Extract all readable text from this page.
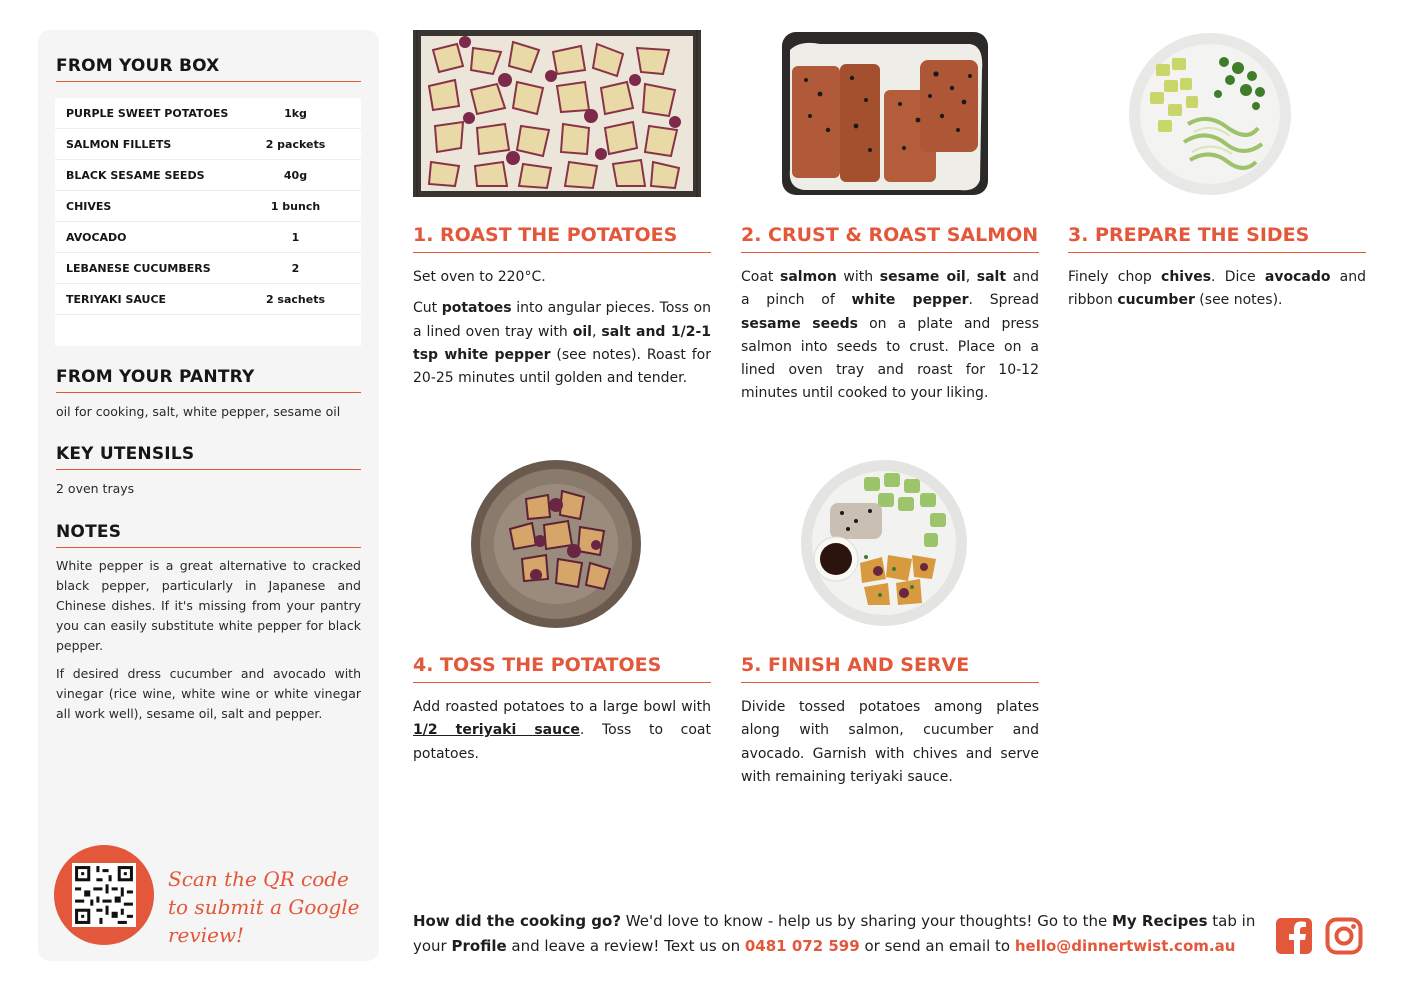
FROM YOUR BOX
PURPLE SWEET POTATOES	1kg
SALMON FILLETS	2 packets
BLACK SESAME SEEDS	40g
CHIVES	1 bunch
AVOCADO	1
LEBANESE CUCUMBERS	2
TERIYAKI SAUCE	2 sachets
FROM YOUR PANTRY
oil for cooking, salt, white pepper, sesame oil
KEY UTENSILS
2 oven trays
NOTES

White pepper is a great alternative to cracked black pepper, particularly in Japanese and Chinese dishes. If it's missing from your pantry you can easily substitute white pepper for black pepper.

If desired dress cucumber and avocado with vinegar (rice wine, white wine or white vinegar all work well), sesame oil, salt and pepper.

Scan the QR code to submit a Google review!
1. ROAST THE POTATOES

Set oven to 220°C.

Cut potatoes into angular pieces. Toss on a lined oven tray with oil, salt and 1/2-1 tsp white pepper (see notes). Roast for 20-25 minutes until golden and tender.

2. CRUST & ROAST SALMON

Coat salmon with sesame oil, salt and a pinch of white pepper. Spread sesame seeds on a plate and press salmon into seeds to crust. Place on a lined oven tray and roast for 10-12 minutes until cooked to your liking.

3. PREPARE THE SIDES

Finely chop chives. Dice avocado and ribbon cucumber (see notes).

4. TOSS THE POTATOES

Add roasted potatoes to a large bowl with 1/2 teriyaki sauce. Toss to coat potatoes.

5. FINISH AND SERVE

Divide tossed potatoes among plates along with salmon, cucumber and avocado. Garnish with chives and serve with remaining teriyaki sauce.

How did the cooking go? We'd love to know - help us by sharing your thoughts! Go to the My Recipes tab in your Profile and leave a review! Text us on 0481 072 599 or send an email to hello@dinnertwist.com.au
